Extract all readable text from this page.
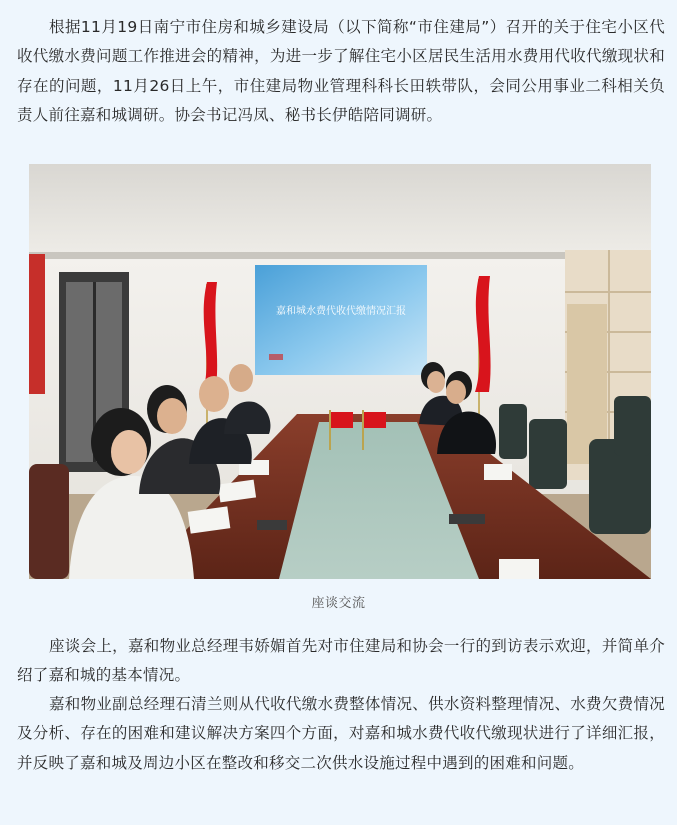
根据11月19日南宁市住房和城乡建设局（以下简称“市住建局”）召开的关于住宅小区代收代缴水费问题工作推进会的精神，为进一步了解住宅小区居民生活用水费用代收代缴现状和存在的问题，11月26日上午，市住建局物业管理科科长田轶带队，会同公用事业二科相关负责人前往嘉和城调研。协会书记冯凤、秘书长伊皓陪同调研。

嘉和城水费代收代缴情况汇报
座谈交流

座谈会上，嘉和物业总经理韦娇媚首先对市住建局和协会一行的到访表示欢迎，并简单介绍了嘉和城的基本情况。

嘉和物业副总经理石清兰则从代收代缴水费整体情况、供水资料整理情况、水费欠费情况及分析、存在的困难和建议解决方案四个方面，对嘉和城水费代收代缴现状进行了详细汇报，并反映了嘉和城及周边小区在整改和移交二次供水设施过程中遇到的困难和问题。
